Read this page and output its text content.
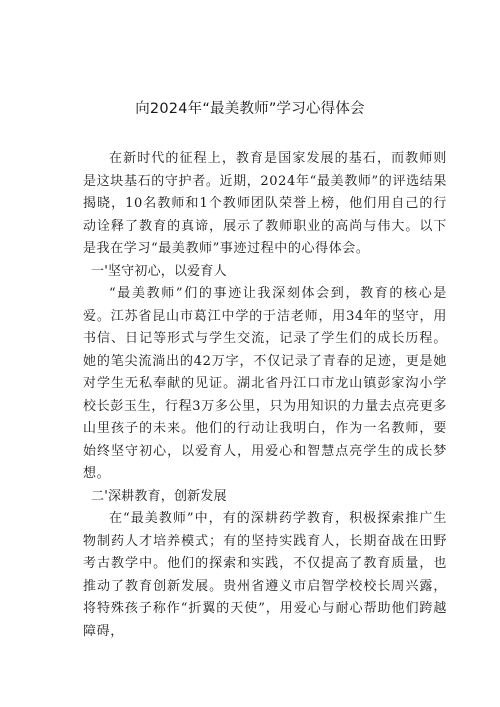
向2024年“最美教师”学习心得体会

在新时代的征程上，教育是国家发展的基石，而教师则是这块基石的守护者。近期，2024年“最美教师”的评选结果揭晓，10名教师和1个教师团队荣誉上榜，他们用自己的行动诠释了教育的真谛，展示了教师职业的高尚与伟大。以下是我在学习“最美教师”事迹过程中的心得体会。

一'坚守初心，以爱育人

“最美教师”们的事迹让我深刻体会到，教育的核心是爱。江苏省昆山市葛江中学的于洁老师，用34年的坚守，用书信、日记等形式与学生交流，记录了学生们的成长历程。她的笔尖流淌出的42万字，不仅记录了青春的足迹，更是她对学生无私奉献的见证。湖北省丹江口市龙山镇彭家沟小学校长彭玉生，行程3万多公里，只为用知识的力量去点亮更多山里孩子的未来。他们的行动让我明白，作为一名教师，要始终坚守初心，以爱育人，用爱心和智慧点亮学生的成长梦想。

二'深耕教育，创新发展

在“最美教师”中，有的深耕药学教育，积极探索推广生物制药人才培养模式；有的坚持实践育人，长期奋战在田野考古教学中。他们的探索和实践，不仅提高了教育质量，也推动了教育创新发展。贵州省遵义市启智学校校长周兴露，将特殊孩子称作“折翼的天使”，用爱心与耐心帮助他们跨越障碍，
